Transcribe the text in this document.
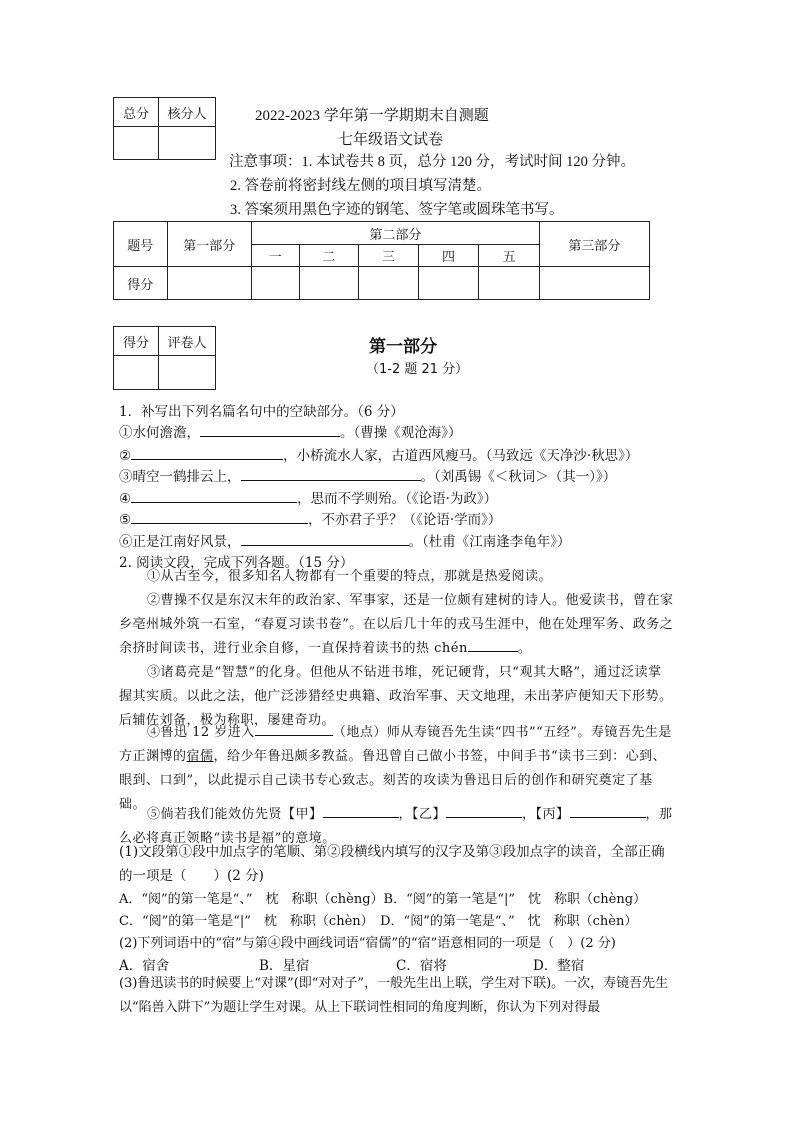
总分	核分人
		2022-2023 学年第一学期期末自测题
七年级语文试卷
注意事项：1. 本试卷共 8 页，总分 120 分，考试时间 120 分钟。
2. 答卷前将密封线左侧的项目填写清楚。
3. 答案须用黑色字迹的钢笔、签字笔或圆珠笔书写。
题号	第一部分	第二部分					第三部分
		一	二	三	四	五	
得分							
得分	评卷人
		第一部分
（1-2 题 21 分）
1．补写出下列名篇名句中的空缺部分。（6 分）
①水何澹澹，	。（曹操《观沧海》）
②	，小桥流水人家，古道西风瘦马。（马致远《天净沙·秋思》）
③晴空一鹤排云上，	。（刘禹锡《＜秋词＞（其一）》）
④	，思而不学则殆。（《论语·为政》）
⑤	，不亦君子乎？（《论语·学而》）
⑥正是江南好风景，	。（杜甫《江南逢李龟年》）
2. 阅读文段，完成下列各题。（15 分）
①从古至今，很多知名人物都有一个重要的特点，那就是热爱阅读。
②曹操不仅是东汉末年的政治家、军事家，还是一位颇有建树的诗人。他爱读书，曾在家乡亳州城外筑一石室，“春夏习读书卷”。在以后几十年的戎马生涯中，他在处理军务、政务之余挤时间读书，进行业余自修，一直保持着读书的热 chén	。
③诸葛亮是“智慧”的化身。但他从不钻进书堆，死记硬背，只“观其大略”，通过泛读掌握其实质。以此之法，他广泛涉猎经史典籍、政治军事、天文地理，未出茅庐便知天下形势。后辅佐刘备，极为称职，屡建奇功。
④鲁迅 12 岁进入	（地点）师从寿镜吾先生读“四书”“五经”。寿镜吾先生是方正渊博的宿儒，给少年鲁迅颇多教益。鲁迅曾自己做小书签，中间手书“读书三到：心到、眼到、口到”，以此提示自己读书专心致志。刻苦的攻读为鲁迅日后的创作和研究奠定了基础。
⑤倘若我们能效仿先贤【甲】	，【乙】	，【丙】	，那么必将真正领略“读书是福”的意境。
(1)文段第①段中加点字的笔顺、第②段横线内填写的汉字及第③段加点字的读音，全部正确的一项是（　　）(2 分)
A．“阅”的第一笔是“、”　枕　称职（chèng）B．“阅”的第一笔是“|”　忱　称职（chèng）
C．“阅”的第一笔是“|”　枕　称职（chèn）　D．“阅”的第一笔是“、”　忱　称职（chèn）
(2)下列词语中的“宿”与第④段中画线词语“宿儒”的“宿”语意相同的一项是（　）(2 分)
A．宿舍	B．星宿	C．宿将	D．整宿
(3)鲁迅读书的时候要上“对课”(即“对对子”，一般先生出上联，学生对下联)。一次，寿镜吾先生以“陷兽入阱下”为题让学生对课。从上下联词性相同的角度判断，你认为下列对得最
